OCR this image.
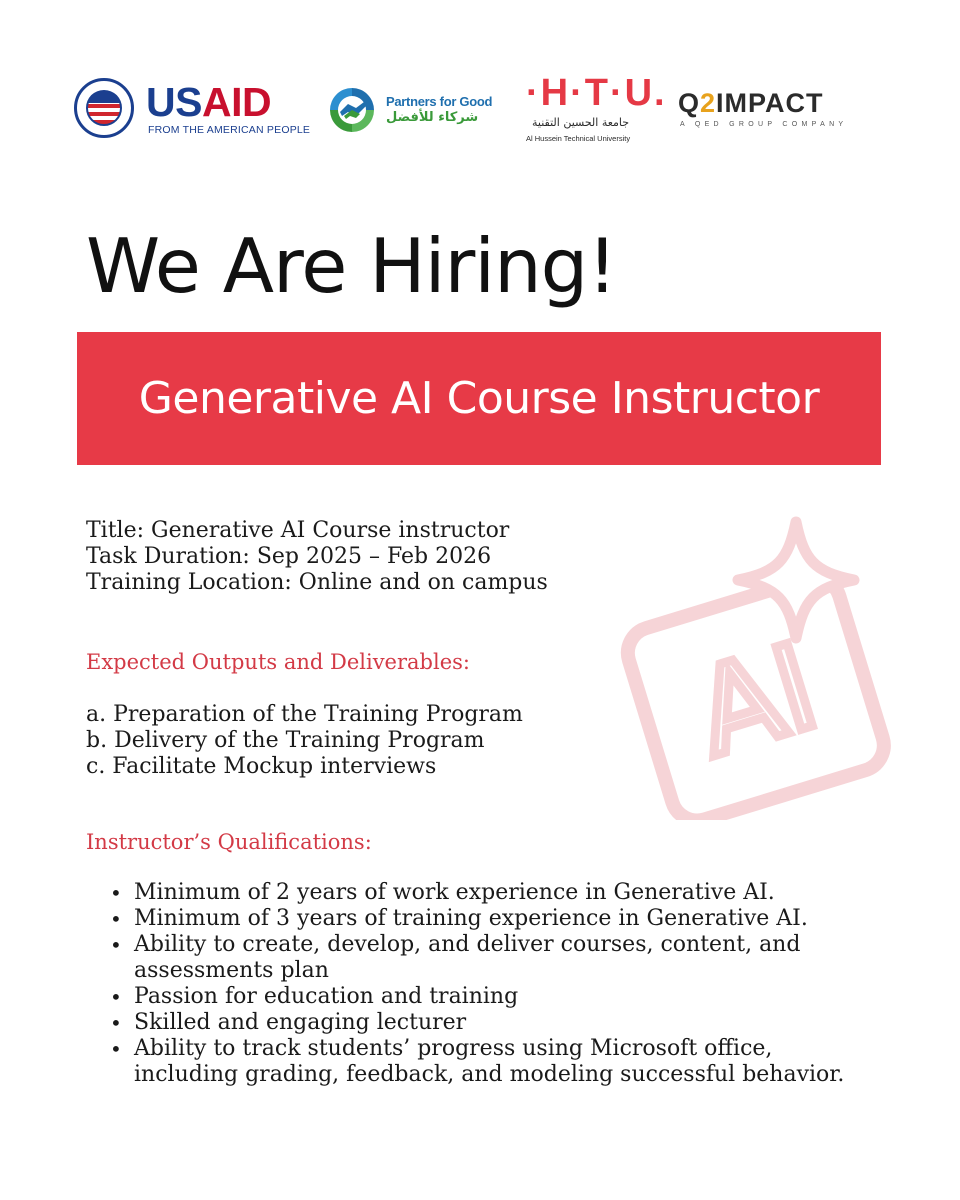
USAID
FROM THE AMERICAN PEOPLE
Partners for Good
شركاء للأفضل
·H·T·U.
جامعة الحسين التقنية
Al Hussein Technical University
Q2IMPACT
A QED GROUP COMPANY
We Are Hiring!
Generative AI Course Instructor
AI
Title: Generative AI Course instructor
Task Duration: Sep 2025 – Feb 2026
Training Location: Online and on campus
Expected Outputs and Deliverables:
a. Preparation of the Training Program
b. Delivery of the Training Program
c. Facilitate Mockup interviews
Instructor’s Qualifications:
• Minimum of 2 years of work experience in Generative AI.
• Minimum of 3 years of training experience in Generative AI.
• Ability to create, develop, and deliver courses, content, and assessments plan
• Passion for education and training
• Skilled and engaging lecturer
• Ability to track students’ progress using Microsoft office, including grading, feedback, and modeling successful behavior.
